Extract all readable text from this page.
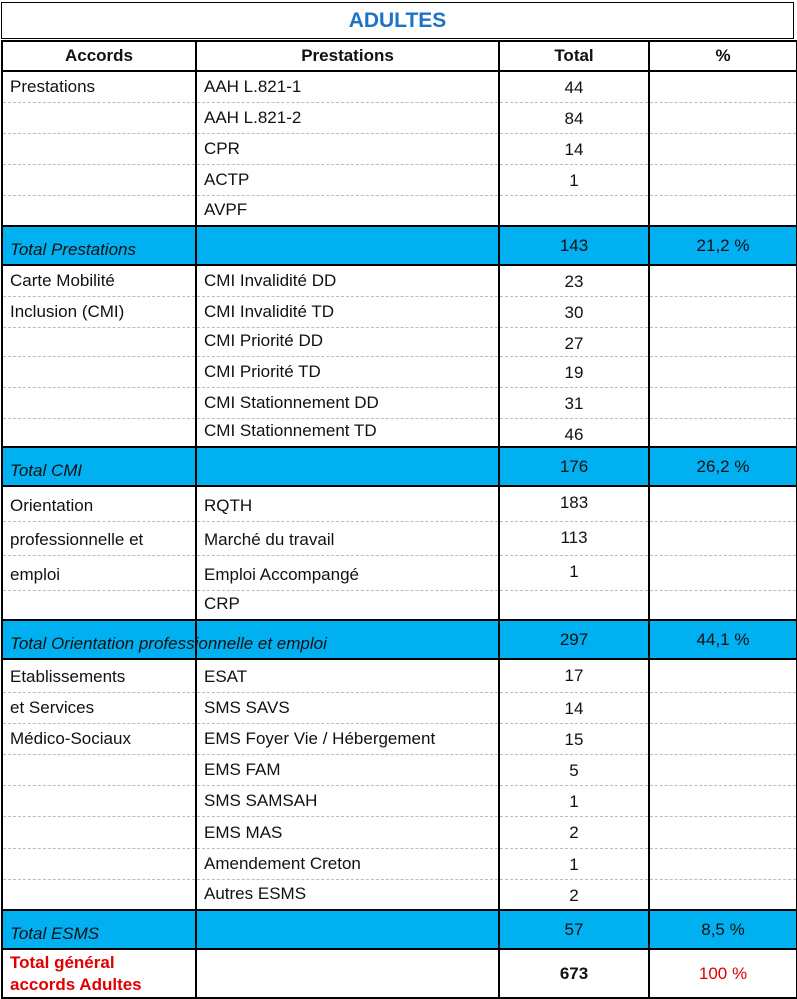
ADULTES
Accords	Prestations	Total	%
Prestations	AAH L.821-1	44	
	AAH L.821-2	84	
	CPR	14	
	ACTP	1	
	AVPF		
Total Prestations		143	21,2 %
Carte Mobilité	CMI Invalidité DD	23	
Inclusion (CMI)	CMI Invalidité TD	30	
	CMI Priorité DD	27	
	CMI Priorité TD	19	
	CMI Stationnement DD	31	
	CMI Stationnement TD	46	
Total CMI		176	26,2 %
Orientation	RQTH	183	
professionnelle et	Marché du travail	113	
emploi	Emploi Accompangé	1	
	CRP		
Total Orientation professionnelle et emploi		297	44,1 %
Etablissements	ESAT	17	
et Services	SMS SAVS	14	
Médico-Sociaux	EMS Foyer Vie / Hébergement	15	
	EMS FAM	5	
	SMS SAMSAH	1	
	EMS MAS	2	
	Amendement Creton	1	
	Autres ESMS	2	
Total ESMS		57	8,5 %

Total général
accords Adultes		673	100 %
